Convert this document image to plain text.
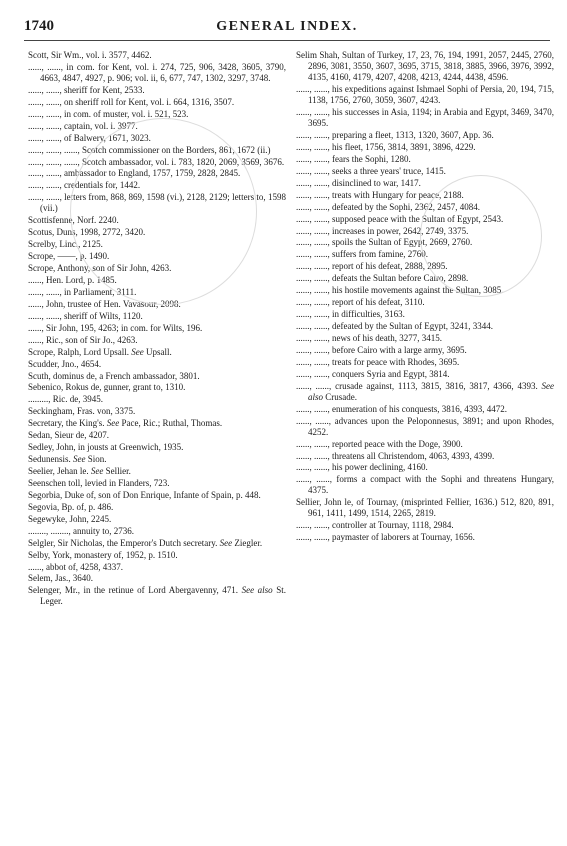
1740	GENERAL INDEX.

Scott, Sir Wm., vol. i. 3577, 4462.

......, ......, in com. for Kent, vol. i. 274, 725, 906, 3428, 3605, 3790, 4663, 4847, 4927, p. 906; vol. ii, 6, 677, 747, 1302, 3297, 3748.

......, ......, sheriff for Kent, 2533.

......, ......, on sheriff roll for Kent, vol. i. 664, 1316, 3507.

......, ......, in com. of muster, vol. i. 521, 523.

......, ......, captain, vol. i. 3977.

......, ......, of Balwery, 1671, 3023.

......, ......, ......, Scotch commissioner on the Borders, 861, 1672 (ii.)

......, ......, ......, Scotch ambassador, vol. i. 783, 1820, 2069, 3569, 3676.

......, ......, ambassador to England, 1757, 1759, 2828, 2845.

......, ......, credentials for, 1442.

......, ......, letters from, 868, 869, 1598 (vi.), 2128, 2129; letters to, 1598 (vii.)

Scottisfenne, Norf. 2240.

Scotus, Duns, 1998, 2772, 3420.

Screlby, Linc., 2125.

Scrope, ——, p. 1490.

Scrope, Anthony, son of Sir John, 4263.

......, Hen. Lord, p. 1485.

......, ......, in Parliament, 3111.

......, John, trustee of Hen. Vavasour, 2098.

......, ......, sheriff of Wilts, 1120.

......, Sir John, 195, 4263; in com. for Wilts, 196.

......, Ric., son of Sir Jo., 4263.

Scrope, Ralph, Lord Upsall. See Upsall.

Scudder, Jno., 4654.

Scuth, dominus de, a French ambassador, 3801.

Sebenico, Rokus de, gunner, grant to, 1310.

........., Ric. de, 3945.

Seckingham, Fras. von, 3375.

Secretary, the King's. See Pace, Ric.; Ruthal, Thomas.

Sedan, Sieur de, 4207.

Sedley, John, in jousts at Greenwich, 1935.

Sedunensis. See Sion.

Seelier, Jehan le. See Sellier.

Seenschen toll, levied in Flanders, 723.

Segorbia, Duke of, son of Don Enrique, Infante of Spain, p. 448.

Segovia, Bp. of, p. 486.

Segewyke, John, 2245.

........, ........, annuity to, 2736.

Selgler, Sir Nicholas, the Emperor's Dutch secretary. See Ziegler.

Selby, York, monastery of, 1952, p. 1510.

......, abbot of, 4258, 4337.

Selem, Jas., 3640.

Selenger, Mr., in the retinue of Lord Abergavenny, 471. See also St. Leger.

Selim Shah, Sultan of Turkey, 17, 23, 76, 194, 1991, 2057, 2445, 2760, 2896, 3081, 3550, 3607, 3695, 3715, 3818, 3885, 3966, 3976, 3992, 4135, 4160, 4179, 4207, 4208, 4213, 4244, 4438, 4596.

......, ......, his expeditions against Ishmael Sophi of Persia, 20, 194, 715, 1138, 1756, 2760, 3059, 3607, 4243.

......, ......, his successes in Asia, 1194; in Arabia and Egypt, 3469, 3470, 3695.

......, ......, preparing a fleet, 1313, 1320, 3607, App. 36.

......, ......, his fleet, 1756, 3814, 3891, 3896, 4229.

......, ......, fears the Sophi, 1280.

......, ......, seeks a three years' truce, 1415.

......, ......, disinclined to war, 1417.

......, ......, treats with Hungary for peace, 2188.

......, ......, defeated by the Sophi, 2362, 2457, 4084.

......, ......, supposed peace with the Sultan of Egypt, 2543.

......, ......, increases in power, 2642, 2749, 3375.

......, ......, spoils the Sultan of Egypt, 2669, 2760.

......, ......, suffers from famine, 2760.

......, ......, report of his defeat, 2888, 2895.

......, ......, defeats the Sultan before Cairo, 2898.

......, ......, his hostile movements against the Sultan, 3085.

......, ......, report of his defeat, 3110.

......, ......, in difficulties, 3163.

......, ......, defeated by the Sultan of Egypt, 3241, 3344.

......, ......, news of his death, 3277, 3415.

......, ......, before Cairo with a large army, 3695.

......, ......, treats for peace with Rhodes, 3695.

......, ......, conquers Syria and Egypt, 3814.

......, ......, crusade against, 1113, 3815, 3816, 3817, 4366, 4393. See also Crusade.

......, ......, enumeration of his conquests, 3816, 4393, 4472.

......, ......, advances upon the Peloponnesus, 3891; and upon Rhodes, 4252.

......, ......, reported peace with the Doge, 3900.

......, ......, threatens all Christendom, 4063, 4393, 4399.

......, ......, his power declining, 4160.

......, ......, forms a compact with the Sophi and threatens Hungary, 4375.

Sellier, John le, of Tournay, (misprinted Fellier, 1636.) 512, 820, 891, 961, 1411, 1499, 1514, 2265, 2819.

......, ......, controller at Tournay, 1118, 2984.

......, ......, paymaster of laborers at Tournay, 1656.
